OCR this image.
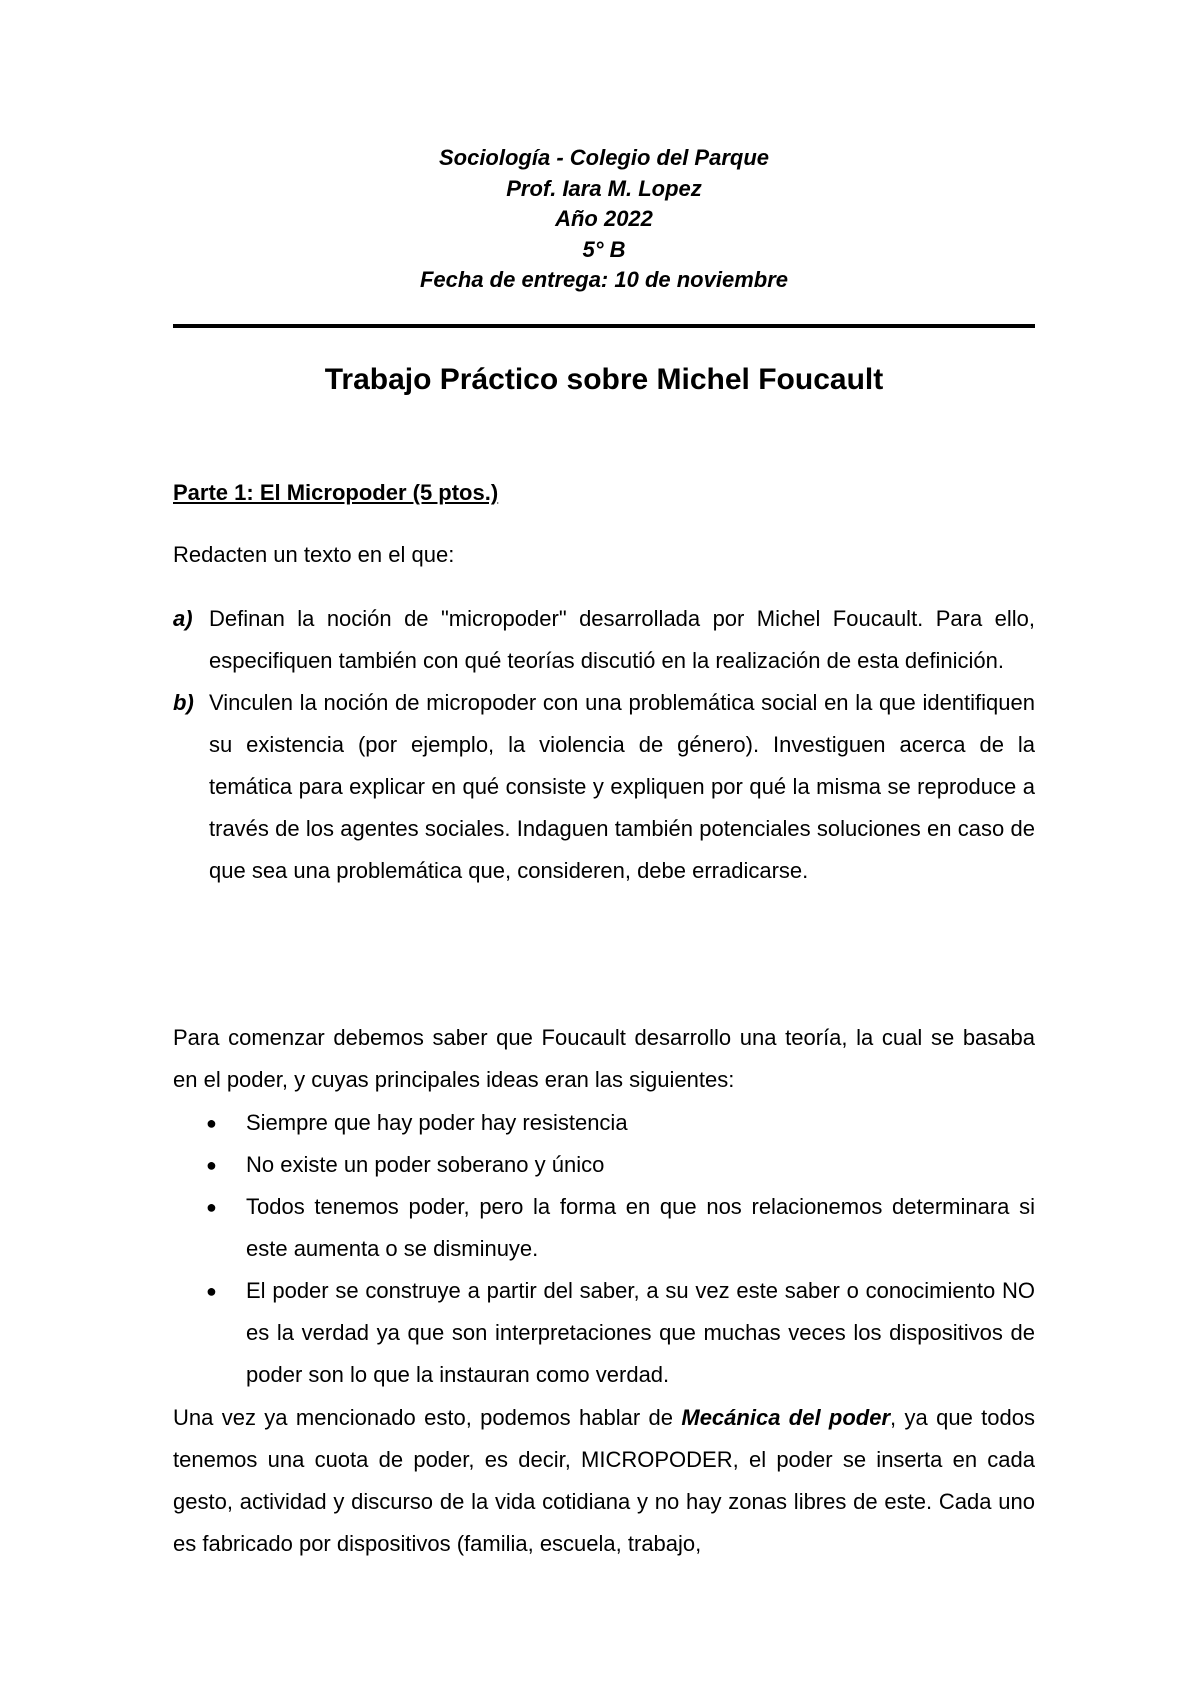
Sociología - Colegio del Parque
Prof. Iara M. Lopez
Año 2022
5° B
Fecha de entrega: 10 de noviembre
Trabajo Práctico sobre Michel Foucault
Parte 1: El Micropoder (5 ptos.)
Redacten un texto en el que:
a) Definan la noción de "micropoder" desarrollada por Michel Foucault. Para ello, especifiquen también con qué teorías discutió en la realización de esta definición.
b) Vinculen la noción de micropoder con una problemática social en la que identifiquen su existencia (por ejemplo, la violencia de género). Investiguen acerca de la temática para explicar en qué consiste y expliquen por qué la misma se reproduce a través de los agentes sociales. Indaguen también potenciales soluciones en caso de que sea una problemática que, consideren, debe erradicarse.
Para comenzar debemos saber que Foucault desarrollo una teoría, la cual se basaba en el poder, y cuyas principales ideas eran las siguientes:
● Siempre que hay poder hay resistencia
● No existe un poder soberano y único
● Todos tenemos poder, pero la forma en que nos relacionemos determinara si este aumenta o se disminuye.
● El poder se construye a partir del saber, a su vez este saber o conocimiento NO es la verdad ya que son interpretaciones que muchas veces los dispositivos de poder son lo que la instauran como verdad.
Una vez ya mencionado esto, podemos hablar de Mecánica del poder, ya que todos tenemos una cuota de poder, es decir, MICROPODER, el poder se inserta en cada gesto, actividad y discurso de la vida cotidiana y no hay zonas libres de este. Cada uno es fabricado por dispositivos (familia, escuela, trabajo,
